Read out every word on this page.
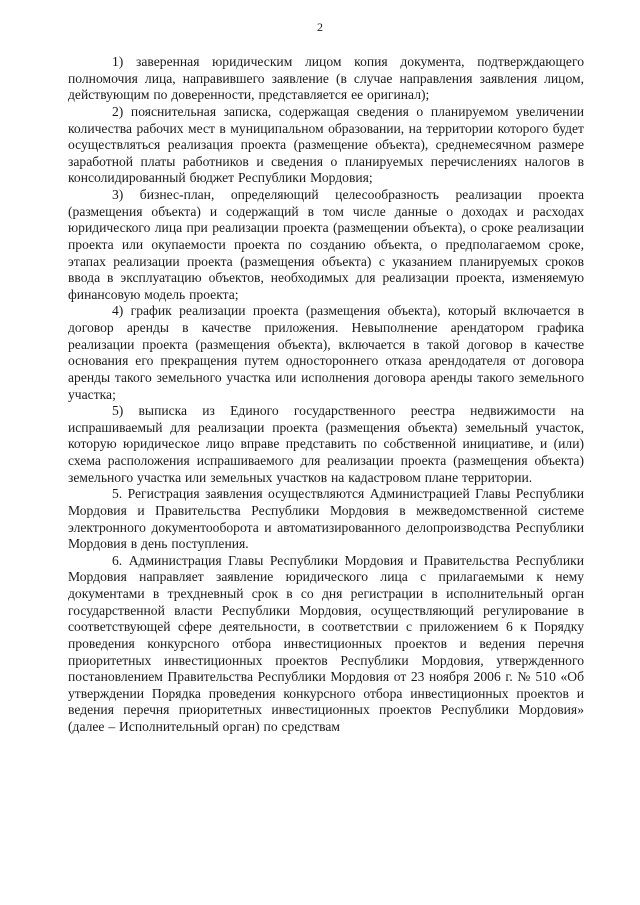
2

1) заверенная юридическим лицом копия документа, подтверждающего полномочия лица, направившего заявление (в случае направления заявления лицом, действующим по доверенности, представляется ее оригинал);

2) пояснительная записка, содержащая сведения о планируемом увеличении количества рабочих мест в муниципальном образовании, на территории которого будет осуществляться реализация проекта (размещение объекта), среднемесячном размере заработной платы работников и сведения о планируемых перечислениях налогов в консолидированный бюджет Республики Мордовия;

3) бизнес-план, определяющий целесообразность реализации проекта (размещения объекта) и содержащий в том числе данные о доходах и расходах юридического лица при реализации проекта (размещении объекта), о сроке реализации проекта или окупаемости проекта по созданию объекта, о предполагаемом сроке, этапах реализации проекта (размещения объекта) с указанием планируемых сроков ввода в эксплуатацию объектов, необходимых для реализации проекта, изменяемую финансовую модель проекта;

4) график реализации проекта (размещения объекта), который включается в договор аренды в качестве приложения. Невыполнение арендатором графика реализации проекта (размещения объекта), включается в такой договор в качестве основания его прекращения путем одностороннего отказа арендодателя от договора аренды такого земельного участка или исполнения договора аренды такого земельного участка;

5) выписка из Единого государственного реестра недвижимости на испрашиваемый для реализации проекта (размещения объекта) земельный участок, которую юридическое лицо вправе представить по собственной инициативе, и (или) схема расположения испрашиваемого для реализации проекта (размещения объекта) земельного участка или земельных участков на кадастровом плане территории.

5. Регистрация заявления осуществляются Администрацией Главы Республики Мордовия и Правительства Республики Мордовия в межведомственной системе электронного документооборота и автоматизированного делопроизводства Республики Мордовия в день поступления.

6. Администрация Главы Республики Мордовия и Правительства Республики Мордовия направляет заявление юридического лица с прилагаемыми к нему документами в трехдневный срок в со дня регистрации в исполнительный орган государственной власти Республики Мордовия, осуществляющий регулирование в соответствующей сфере деятельности, в соответствии с приложением 6 к Порядку проведения конкурсного отбора инвестиционных проектов и ведения перечня приоритетных инвестиционных проектов Республики Мордовия, утвержденного постановлением Правительства Республики Мордовия от 23 ноября 2006 г. № 510 «Об утверждении Порядка проведения конкурсного отбора инвестиционных проектов и ведения перечня приоритетных инвестиционных проектов Республики Мордовия» (далее – Исполнительный орган) по средствам
